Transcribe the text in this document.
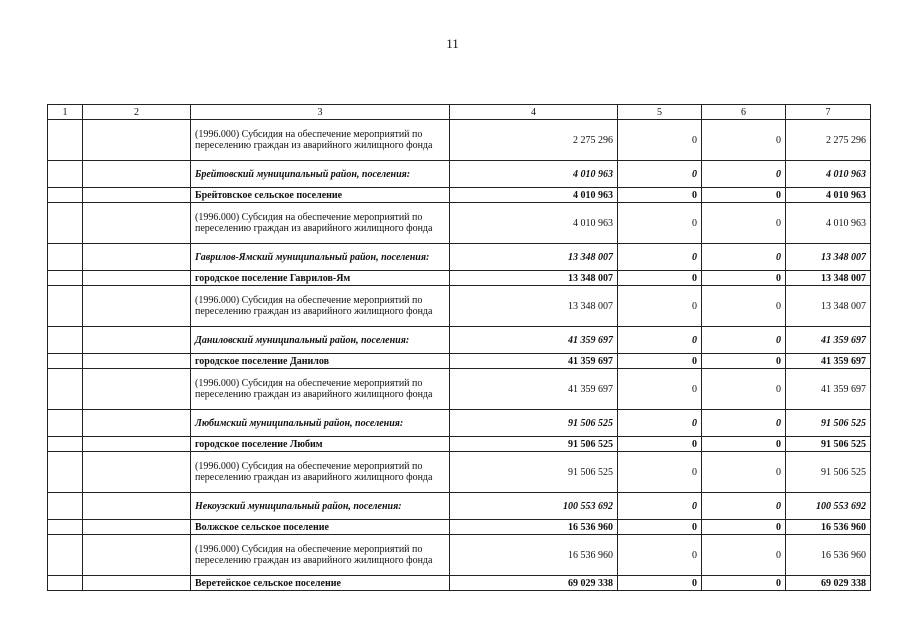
11
1	2	3	4	5	6	7
		(1996.000) Субсидия на обеспечение мероприятий по переселению граждан из аварийного жилищного фонда	2 275 296	0	0	2 275 296
		Брейтовский муниципальный район, поселения:	4 010 963	0	0	4 010 963
		Брейтовское сельское поселение	4 010 963	0	0	4 010 963
		(1996.000) Субсидия на обеспечение мероприятий по переселению граждан из аварийного жилищного фонда	4 010 963	0	0	4 010 963
		Гаврилов-Ямский муниципальный район, поселения:	13 348 007	0	0	13 348 007
		городское поселение Гаврилов-Ям	13 348 007	0	0	13 348 007
		(1996.000) Субсидия на обеспечение мероприятий по переселению граждан из аварийного жилищного фонда	13 348 007	0	0	13 348 007
		Даниловский муниципальный район, поселения:	41 359 697	0	0	41 359 697
		городское поселение Данилов	41 359 697	0	0	41 359 697
		(1996.000) Субсидия на обеспечение мероприятий по переселению граждан из аварийного жилищного фонда	41 359 697	0	0	41 359 697
		Любимский муниципальный район, поселения:	91 506 525	0	0	91 506 525
		городское поселение Любим	91 506 525	0	0	91 506 525
		(1996.000) Субсидия на обеспечение мероприятий по переселению граждан из аварийного жилищного фонда	91 506 525	0	0	91 506 525
		Некоузский муниципальный район, поселения:	100 553 692	0	0	100 553 692
		Волжское сельское поселение	16 536 960	0	0	16 536 960
		(1996.000) Субсидия на обеспечение мероприятий по переселению граждан из аварийного жилищного фонда	16 536 960	0	0	16 536 960
		Веретейское сельское поселение	69 029 338	0	0	69 029 338
